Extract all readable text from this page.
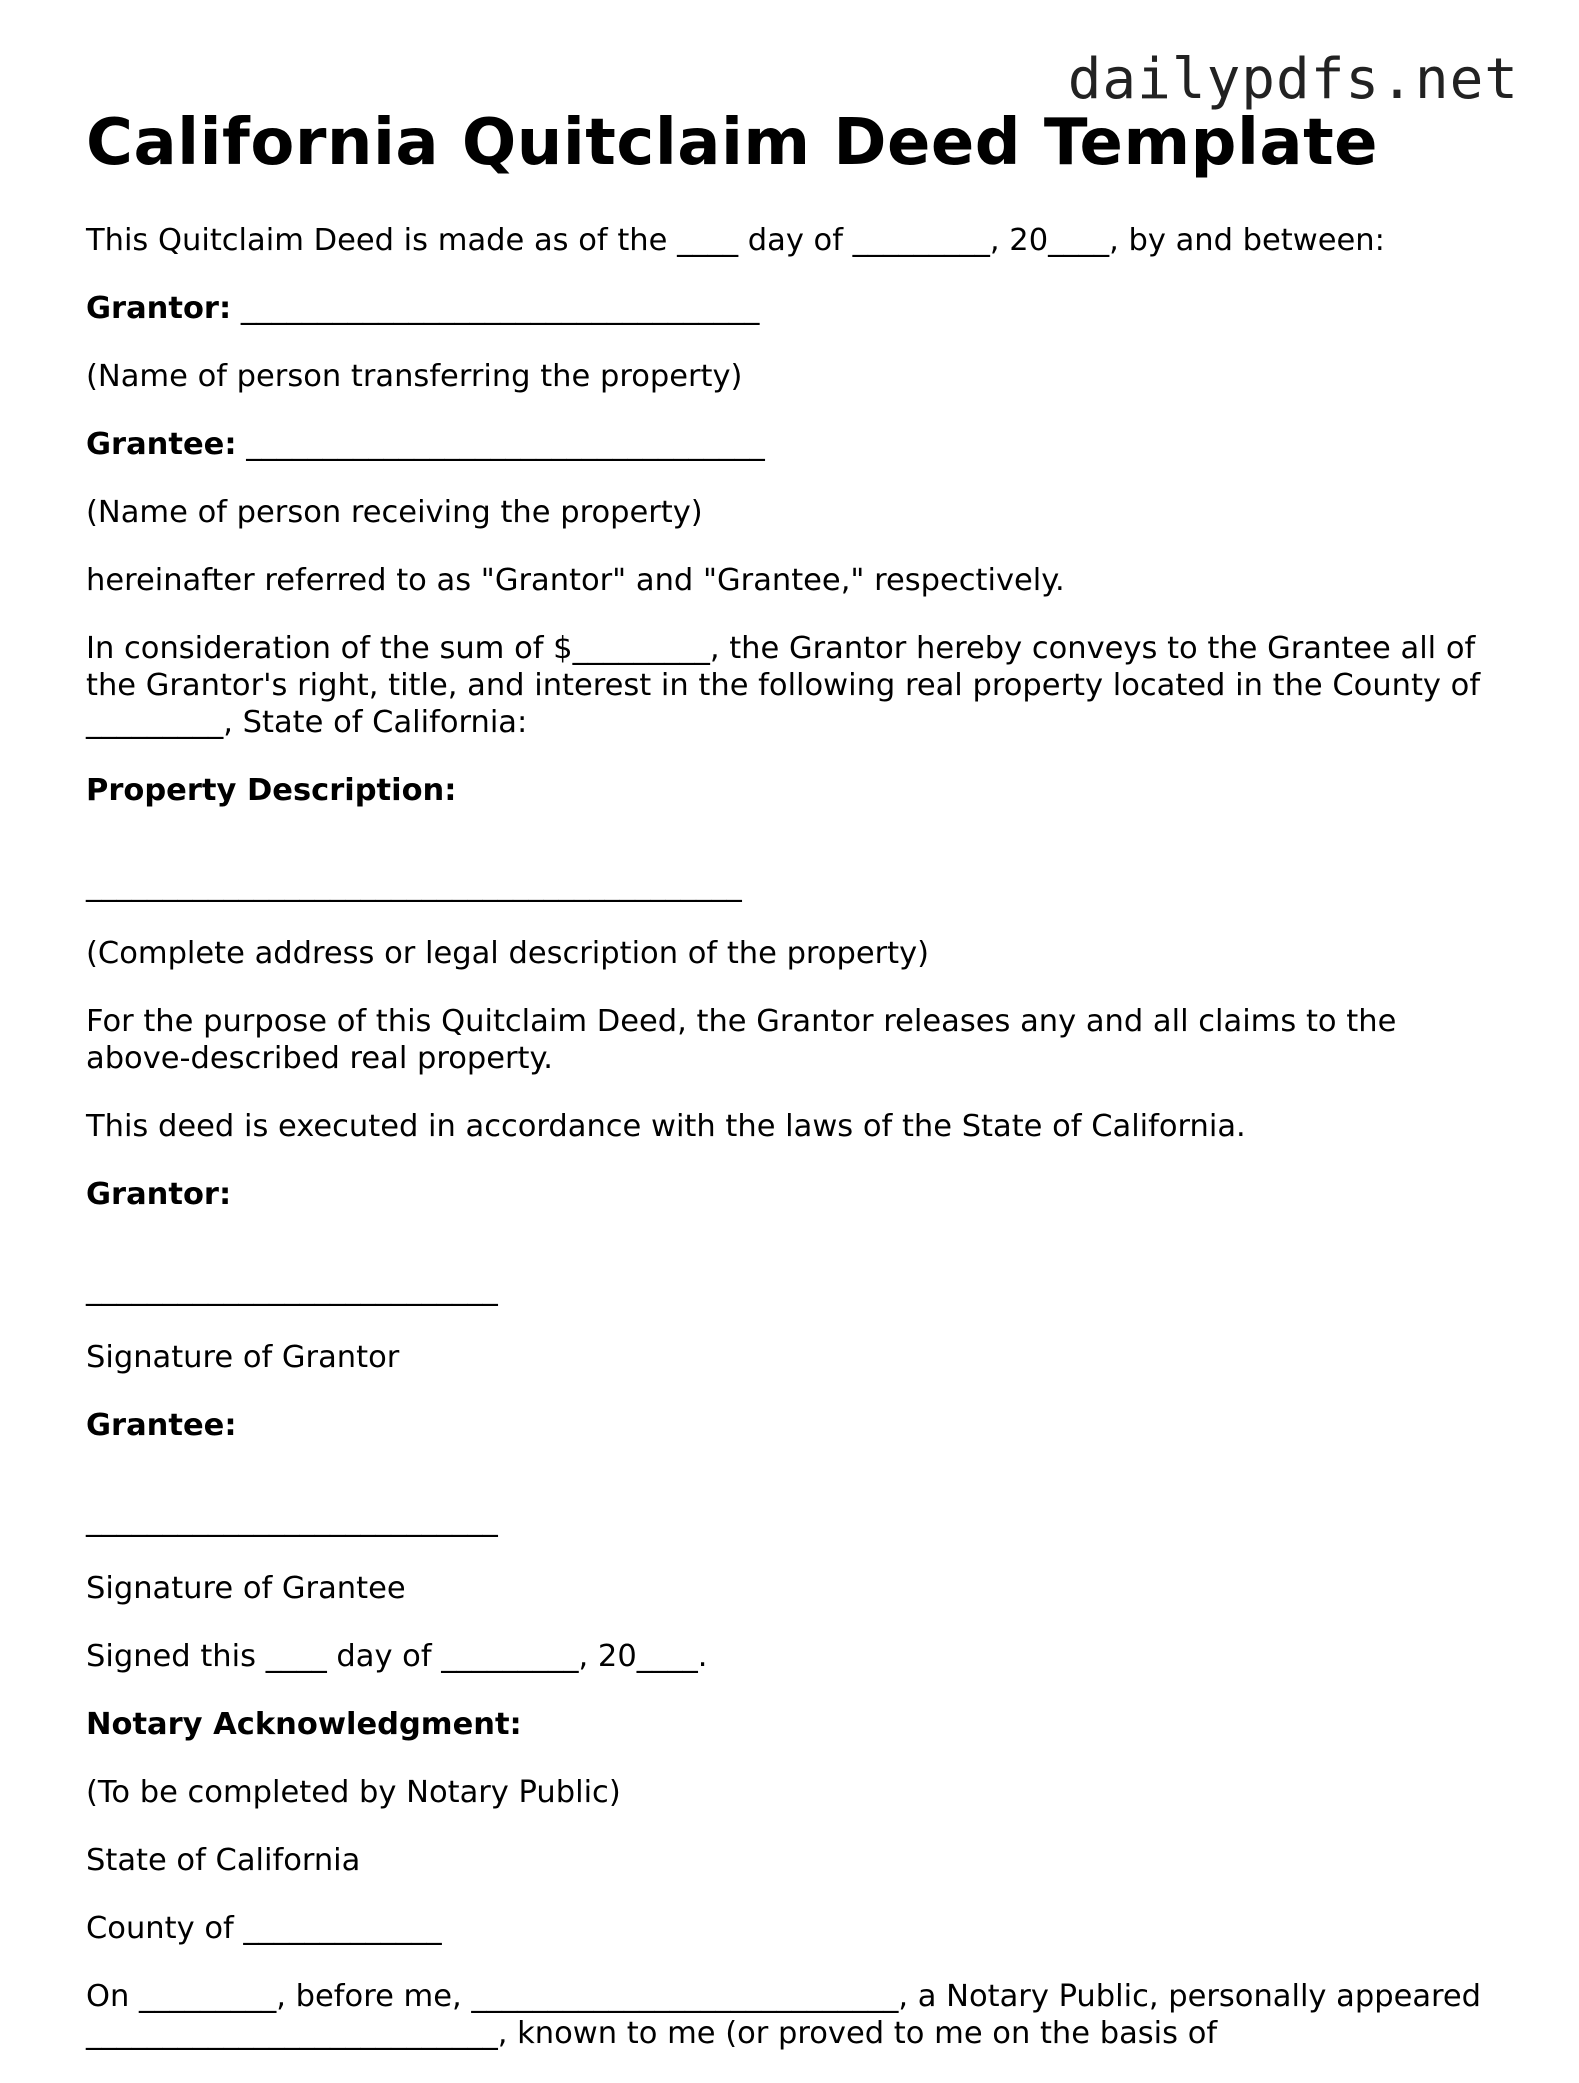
dailypdfs.net
California Quitclaim Deed Template

This Quitclaim Deed is made as of the ____ day of _________, 20____, by and between:

Grantor: __________________________________

(Name of person transferring the property)

Grantee: __________________________________

(Name of person receiving the property)

hereinafter referred to as "Grantor" and "Grantee," respectively.

In consideration of the sum of $_________, the Grantor hereby conveys to the Grantee all of the Grantor's right, title, and interest in the following real property located in the County of _________, State of California:

Property Description:

___________________________________________

(Complete address or legal description of the property)

For the purpose of this Quitclaim Deed, the Grantor releases any and all claims to the above-described real property.

This deed is executed in accordance with the laws of the State of California.

Grantor:

___________________________

Signature of Grantor

Grantee:

___________________________

Signature of Grantee

Signed this ____ day of _________, 20____.

Notary Acknowledgment:

(To be completed by Notary Public)

State of California

County of _____________

On _________, before me, ____________________________, a Notary Public, personally appeared ___________________________, known to me (or proved to me on the basis of
